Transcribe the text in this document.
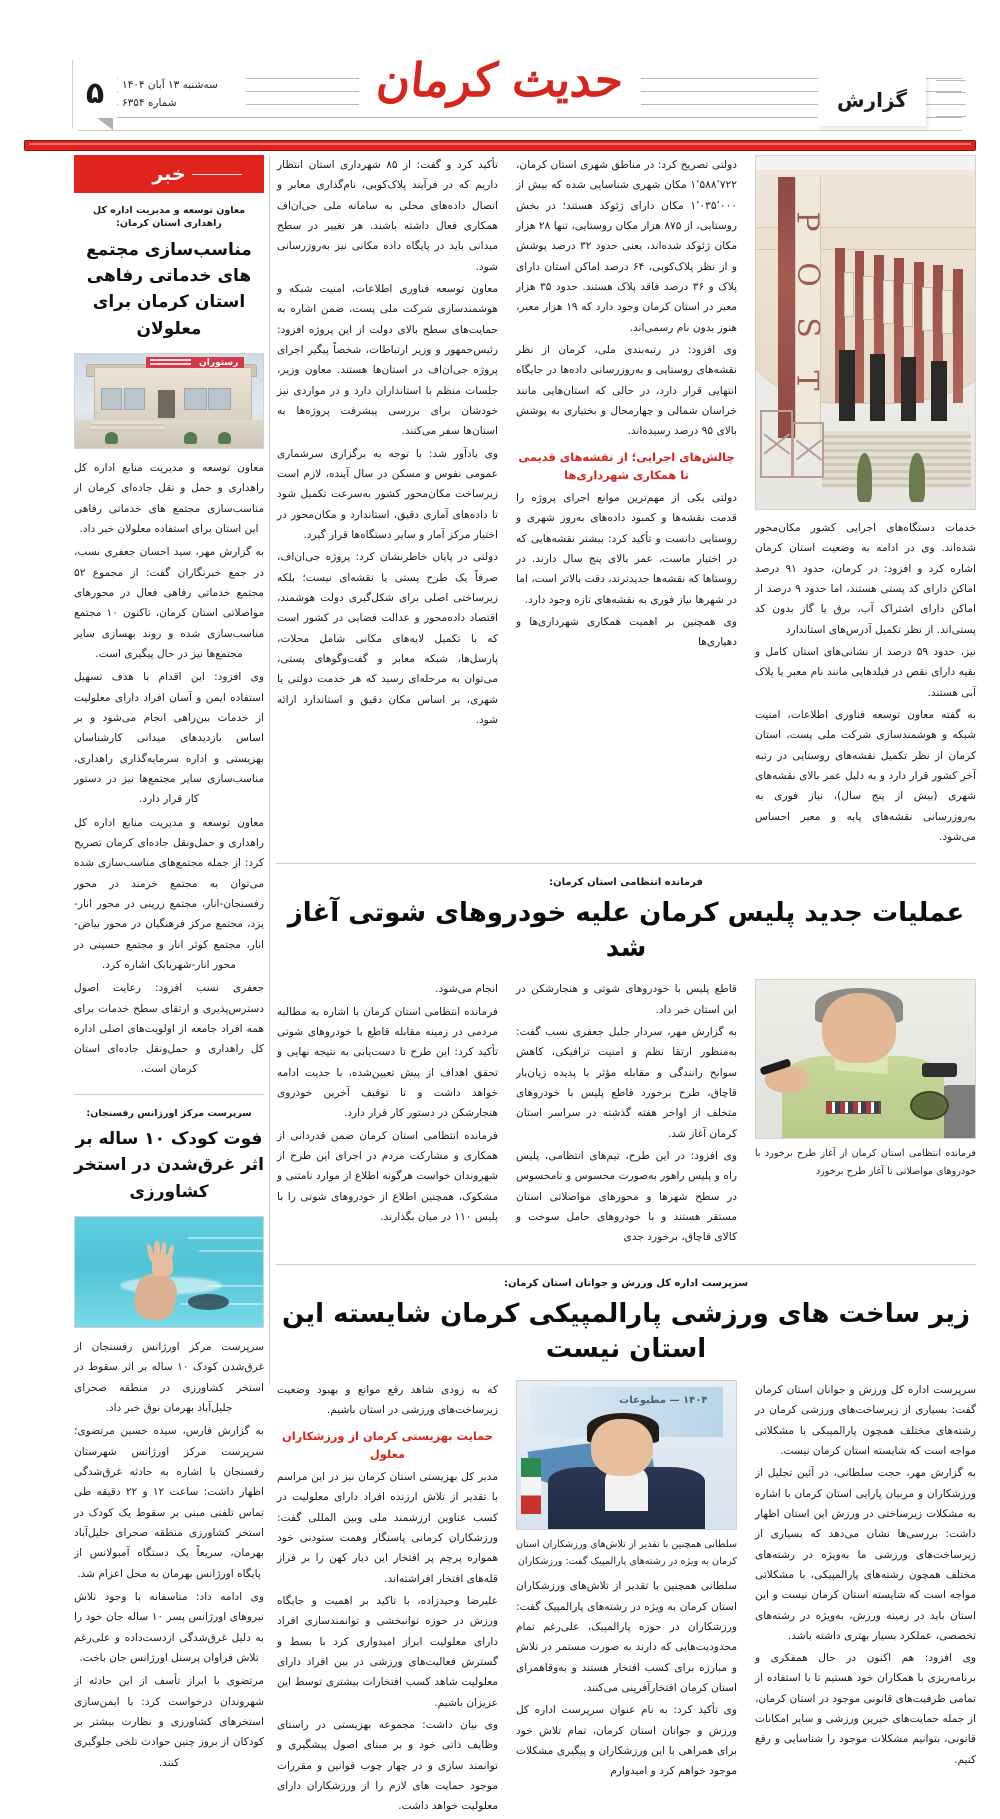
۵ سه‌شنبه ۱۳ آبان ۱۴۰۴
شماره ۶۳۵۴	حدیث کرمان	گزارش
خبر
معاون توسعه و مدیریت اداره کل راهداری استان کرمان:
مناسب‌سازی مجتمع های خدماتی رفاهی استان کرمان برای معلولان
رستوران

معاون توسعه و مدیریت منابع اداره کل راهداری و حمل و نقل جاده‌ای کرمان از مناسب‌سازی مجتمع های خدماتی رفاهی این استان برای استفاده معلولان خبر داد.

به گزارش مهر، سید احسان جعفری نسب، در جمع خبرنگاران گفت: از مجموع ۵۲ مجتمع خدماتی رفاهی فعال در محورهای مواصلاتی استان کرمان، تاکنون ۱۰ مجتمع مناسب‌سازی شده و روند بهسازی سایر مجتمع‌ها نیز در حال پیگیری است.

وی افزود: این اقدام با هدف تسهیل استفاده ایمن و آسان افراد دارای معلولیت از خدمات بین‌راهی انجام می‌شود و بر اساس بازدیدهای میدانی کارشناسان بهزیستی و اداره سرمایه‌گذاری راهداری، مناسب‌سازی سایر مجتمع‌ها نیز در دستور کار قرار دارد.

معاون توسعه و مدیریت منابع اداره کل راهداری و حمل‌ونقل جاده‌ای کرمان تصریح کرد: از جمله مجتمع‌های مناسب‌سازی شده می‌توان به مجتمع خرمند در محور رفسنجان-انار، مجتمع زرینی در محور انار- یزد، مجتمع مرکز فرهنگیان در محور بیاض- انار، مجتمع کوثر انار و مجتمع حسینی در محور انار-شهربابک اشاره کرد.

جعفری نسب افزود: رعایت اصول دسترس‌پذیری و ارتقای سطح خدمات برای همه افراد جامعه از اولویت‌های اصلی اداره کل راهداری و حمل‌ونقل جاده‌ای استان کرمان است.

سرپرست مرکز اورژانس رفسنجان:
فوت کودک ۱۰ ساله بر اثر غرق‌شدن در استخر کشاورزی

سرپرست مرکز اورژانس رفسنجان از غرق‌شدن کودک ۱۰ ساله بر اثر سقوط در استخر کشاورزی در منطقه صحرای جلیل‌آباد بهرمان نوق خبر داد.

به گزارش فارس، سیده حسین مرتضوی؛ سرپرست مرکز اورژانس شهرستان رفسنجان با اشاره به حادثه غرق‌شدگی اظهار داشت: ساعت ۱۲ و ۲۲ دقیقه طی تماس تلفنی مبنی بر سقوط یک کودک در استخر کشاورزی منطقه صحرای جلیل‌آباد بهرمان، سریعاً یک دستگاه آمبولانس از پایگاه اورژانس بهرمان به محل اعزام شد.

وی ادامه داد: متاسفانه با وجود تلاش نیروهای اورژانس پسر ۱۰ ساله جان خود را به دلیل غرق‌شدگی ازدست‌داده و علی‌رغم تلاش فراوان پرسنل اورژانس جان باخت.

مرتضوی با ابراز تأسف از این حادثه از شهروندان درخواست کرد: با ایمن‌سازی استخرهای کشاورزی و نظارت بیشتر بر کودکان از بروز چنین حوادث تلخی جلوگیری کنند.

P
O
S
T

خدمات دستگاه‌های اجرایی کشور مکان‌محور شده‌اند. وی در ادامه به وضعیت استان کرمان اشاره کرد و افزود: در کرمان، حدود ۹۱ درصد اماکن دارای کد پستی هستند، اما حدود ۹ درصد از اماکن دارای اشتراک آب، برق یا گاز بدون کد پستی‌اند. از نظر تکمیل آدرس‌های استاندارد

نیز، حدود ۵۹ درصد از نشانی‌های استان کامل و بقیه دارای نقص در فیلدهایی مانند نام معبر یا پلاک آبی هستند.

به گفته معاون توسعه فناوری اطلاعات، امنیت شبکه و هوشمندسازی شرکت ملی پست، استان کرمان از نظر تکمیل نقشه‌های روستایی در رتبه آخر کشور قرار دارد و به دلیل عمر بالای نقشه‌های شهری (بیش از پنج سال)، نیاز فوری به به‌روزرسانی نقشه‌های پایه و معبر احساس می‌شود.

دولتی تصریح کرد: در مناطق شهری استان کرمان، ۱٬۵۸۸٬۷۲۲ مکان شهری شناسایی شده که بیش از ۱٬۰۳۵٬۰۰۰ مکان دارای ژئوکد هستند؛ در بخش روستایی، از ۸۷۵ هزار مکان روستایی، تنها ۲۸ هزار مکان ژئوکد شده‌اند، یعنی حدود ۳۲ درصد پوشش و از نظر پلاک‌کوبی، ۶۴ درصد اماکن استان دارای پلاک و ۳۶ درصد فاقد پلاک هستند. حدود ۳۵ هزار معبر در استان کرمان وجود دارد که ۱۹ هزار معبر، هنوز بدون نام رسمی‌اند.

وی افزود: در رتبه‌بندی ملی، کرمان از نظر نقشه‌های روستایی و به‌روزرسانی داده‌ها در جایگاه انتهایی قرار دارد، در حالی که استان‌هایی مانند خراسان شمالی و چهارمحال و بختیاری به پوشش بالای ۹۵ درصد رسیده‌اند.

چالش‌های اجرایی؛ از نقشه‌های قدیمی تا همکاری شهرداری‌ها

دولتی یکی از مهم‌ترین موانع اجرای پروژه را قدمت نقشه‌ها و کمبود داده‌های به‌روز شهری و روستایی دانست و تأکید کرد: بیشتر نقشه‌هایی که در اختیار ماست، عمر بالای پنج سال دارند. در روستاها که نقشه‌ها جدیدترند، دقت بالاتر است، اما در شهرها نیاز فوری به نقشه‌های تازه وجود دارد.

وی همچنین بر اهمیت همکاری شهرداری‌ها و دهیاری‌ها

تأکید کرد و گفت: از ۸۵ شهرداری استان انتظار داریم که در فرآیند پلاک‌کوبی، نام‌گذاری معابر و اتصال داده‌های محلی به سامانه ملی جی‌ان‌اف همکاری فعال داشته باشند. هر تغییر در سطح میدانی باید در پایگاه داده مکانی نیز به‌روزرسانی شود.

معاون توسعه فناوری اطلاعات، امنیت شبکه و هوشمندسازی شرکت ملی پست، ضمن اشاره به حمایت‌های سطح بالای دولت از این پروژه افزود: رئیس‌جمهور و وزیر ارتباطات، شخصاً پیگیر اجرای پروژه جی‌ان‌اف در استان‌ها هستند. معاون وزیر، جلسات منظم با استانداران دارد و در مواردی نیز خودشان برای بررسی پیشرفت پروژه‌ها به استان‌ها سفر می‌کنند.

وی یادآور شد: با توجه به برگزاری سرشماری عمومی نفوس و مسکن در سال آینده، لازم است زیرساخت مکان‌محور کشور به‌سرعت تکمیل شود تا داده‌های آماری دقیق، استاندارد و مکان‌محور در اختیار مرکز آمار و سایر دستگاه‌ها قرار گیرد.

دولتی در پایان خاطرنشان کرد: پروژه جی‌ان‌اف، صرفاً یک طرح پستی یا نقشه‌ای نیست؛ بلکه زیرساختی اصلی برای شکل‌گیری دولت هوشمند، اقتصاد داده‌محور و عدالت فضایی در کشور است که با تکمیل لایه‌های مکانی شامل محلات، پارسل‌ها، شبکه معابر و گفت‌وگوهای پستی، می‌توان به مرحله‌ای رسید که هر خدمت دولتی یا شهری، بر اساس مکان دقیق و استاندارد ارائه شود.

فرمانده انتظامی استان کرمان:
عملیات جدید پلیس کرمان علیه خودروهای شوتی آغاز شد
فرمانده انتظامی استان کرمان از آغاز طرح برخورد با خودروهای مواصلاتی تا آغاز طرح برخورد

قاطع پلیس با خودروهای شوتی و هنجارشکن در این استان خبر داد.

به گزارش مهر، سردار جلیل جعفری نسب گفت: به‌منظور ارتقا نظم و امنیت ترافیکی، کاهش سوانح رانندگی و مقابله مؤثر با پدیده زیان‌بار قاچاق، طرح برخورد قاطع پلیس با خودروهای متخلف از اواخر هفته گذشته در سراسر استان کرمان آغاز شد.

وی افزود: در این طرح، تیم‌های انتظامی، پلیس راه و پلیس راهور به‌صورت محسوس و نامحسوس در سطح شهرها و محورهای مواصلاتی استان مستقر هستند و با خودروهای حامل سوخت و کالای قاچاق، برخورد جدی

انجام می‌شود.

فرمانده انتظامی استان کرمان با اشاره به مطالبه مردمی در زمینه مقابله قاطع با خودروهای شوتی تأکید کرد: این طرح تا دست‌یابی به نتیجه نهایی و تحقق اهداف از پیش تعیین‌شده، با جدیت ادامه خواهد داشت و تا توقیف آخرین خودروی هنجارشکن در دستور کار قرار دارد.

فرمانده انتظامی استان کرمان ضمن قدردانی از همکاری و مشارکت مردم در اجرای این طرح از شهروندان خواست هرگونه اطلاع از موارد نامتنی و مشکوک، همچنین اطلاع از خودروهای شوتی را با پلیس ۱۱۰ در میان بگذارند.

سرپرست اداره کل ورزش و جوانان استان کرمان:
زیر ساخت های ورزشی پارالمپیکی کرمان شایسته این استان نیست

سرپرست اداره کل ورزش و جوانان استان کرمان گفت: بسیاری از زیرساخت‌های ورزشی کرمان در رشته‌های مختلف همچون پارالمپیکی با مشکلاتی مواجه است که شایسته استان کرمان نیست.

به گزارش مهر، حجت سلطانی، در آئین تجلیل از ورزشکاران و مربیان پارایی استان کرمان با اشاره به مشکلات زیرساختی در ورزش این استان اظهار داشت: بررسی‌ها نشان می‌دهد که بسیاری از زیرساخت‌های ورزشی ما به‌ویژه در رشته‌های مختلف همچون رشته‌های پارالمپیکی، با مشکلاتی مواجه است که شایسته استان کرمان نیست و این استان باید در زمینه ورزش، به‌ویژه در رشته‌های تخصصی، عملکرد بسیار بهتری داشته باشد.

وی افزود: هم اکنون در حال همفکری و برنامه‌ریزی با همکاران خود هستیم تا با استفاده از تمامی ظرفیت‌های قانونی موجود در استان کرمان، از جمله حمایت‌های خیرین ورزشی و سایر امکانات قانونی، بتوانیم مشکلات موجود را شناسایی و رفع کنیم.

۱۴۰۴ — مطبوعات
سلطانی همچنین با تقدیر از تلاش‌های ورزشکاران استان کرمان به ویژه در رشته‌های پارالمپیک گفت: ورزشکاران

سلطانی همچنین با تقدیر از تلاش‌های ورزشکاران استان کرمان به ویژه در رشته‌های پارالمپیک گفت: ورزشکاران در حوزه پارالمپیک، علی‌رغم تمام محدودیت‌هایی که دارند به صورت مستمر در تلاش و مبارزه برای کسب افتخار هستند و به‌وقاهمرای استان کرمان افتخارآفرینی می‌کنند.

وی تأکید کرد: به نام عنوان سرپرست اداره کل ورزش و جوانان استان کرمان، تمام تلاش خود برای همراهی با این ورزشکاران و پیگیری مشکلات موجود خواهم کرد و امیدوارم

که به زودی شاهد رفع موانع و بهبود وضعیت زیرساخت‌های ورزشی در استان باشیم.

حمایت بهزیستی کرمان از ورزشکاران معلول

مدیر کل بهزیستی استان کرمان نیز در این مراسم با تقدیر از تلاش ارزنده افراد دارای معلولیت در کسب عناوین ارزشمند ملی وبین المللی گفت: ورزشکاران کرمانی پاسنگار وهمت ستودنی خود همواره پرچم پر افتخار این دیار کهن را بر فراز قله‌های افتخار افراشته‌اند.

علیرضا وحیدزاده، با تاکید بر اهمیت و جایگاه ورزش در حوزه توانبخشی و توانمندسازی افراد دارای معلولیت ابراز امیدواری کرد با بسط و گسترش فعالیت‌های ورزشی در بین افراد دارای معلولیت شاهد کسب افتخارات بیشتری توسط این عزیزان باشیم.

وی بیان داشت: مجموعه بهزیستی در راستای وظایف ذاتی خود و بر مبنای اصول پیشگیری و توانمند سازی و در چهار چوب قوانین و مقررات موجود حمایت های لازم را از ورزشکاران دارای معلولیت خواهد داشت.
